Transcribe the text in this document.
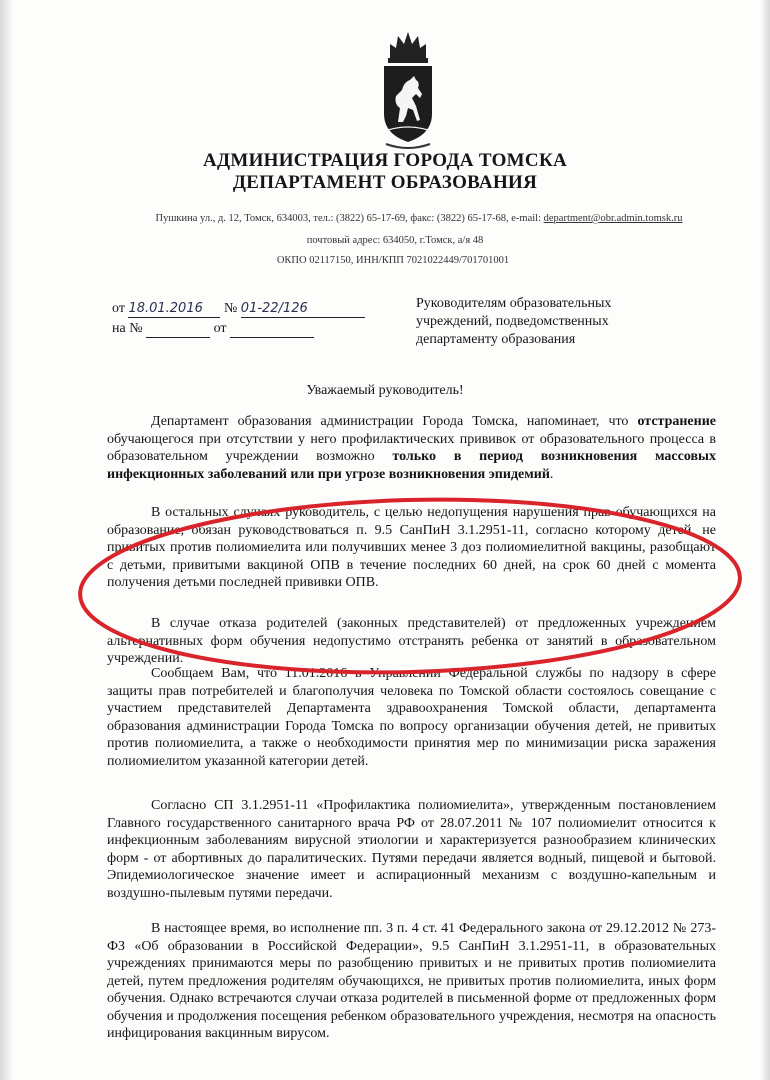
АДМИНИСТРАЦИЯ ГОРОДА ТОМСКА
ДЕПАРТАМЕНТ ОБРАЗОВАНИЯ
Пушкина ул., д. 12, Томск, 634003, тел.: (3822) 65-17-69, факс: (3822) 65-17-68, e-mail: department@obr.admin.tomsk.ru
почтовый адрес: 634050, г.Томск, а/я 48
ОКПО 02117150, ИНН/КПП 7021022449/701701001
от 18.01.2016 № 01-22/126
на №	от
Руководителям образовательных
учреждений, подведомственных
департаменту образования
Уважаемый руководитель!
Департамент образования администрации Города Томска, напоминает, что отстранение обучающегося при отсутствии у него профилактических прививок от образовательного процесса в образовательном учреждении возможно только в период возникновения массовых инфекционных заболеваний или при угрозе возникновения эпидемий.
В остальных случаях руководитель, с целью недопущения нарушения прав обучающихся на образование, обязан руководствоваться п. 9.5 СанПиН 3.1.2951-11, согласно которому детей, не привитых против полиомиелита или получивших менее 3 доз полиомиелитной вакцины, разобщают с детьми, привитыми вакциной ОПВ в течение последних 60 дней, на срок 60 дней с момента получения детьми последней прививки ОПВ.
В случае отказа родителей (законных представителей) от предложенных учреждением альтернативных форм обучения недопустимо отстранять ребенка от занятий в образовательном учреждении.
Сообщаем Вам, что 11.01.2016 в Управлении Федеральной службы по надзору в сфере защиты прав потребителей и благополучия человека по Томской области состоялось совещание с участием представителей Департамента здравоохранения Томской области, департамента образования администрации Города Томска по вопросу организации обучения детей, не привитых против полиомиелита, а также о необходимости принятия мер по минимизации риска заражения полиомиелитом указанной категории детей.
Согласно СП 3.1.2951-11 «Профилактика полиомиелита», утвержденным постановлением Главного государственного санитарного врача РФ от 28.07.2011 № 107 полиомиелит относится к инфекционным заболеваниям вирусной этиологии и характеризуется разнообразием клинических форм - от абортивных до паралитических. Путями передачи является водный, пищевой и бытовой. Эпидемиологическое значение имеет и аспирационный механизм с воздушно-капельным и воздушно-пылевым путями передачи.
В настоящее время, во исполнение пп. 3 п. 4 ст. 41 Федерального закона от 29.12.2012 № 273-ФЗ «Об образовании в Российской Федерации», 9.5 СанПиН 3.1.2951-11, в образовательных учреждениях принимаются меры по разобщению привитых и не привитых против полиомиелита детей, путем предложения родителям обучающихся, не привитых против полиомиелита, иных форм обучения. Однако встречаются случаи отказа родителей в письменной форме от предложенных форм обучения и продолжения посещения ребенком образовательного учреждения, несмотря на опасность инфицирования вакцинным вирусом.
